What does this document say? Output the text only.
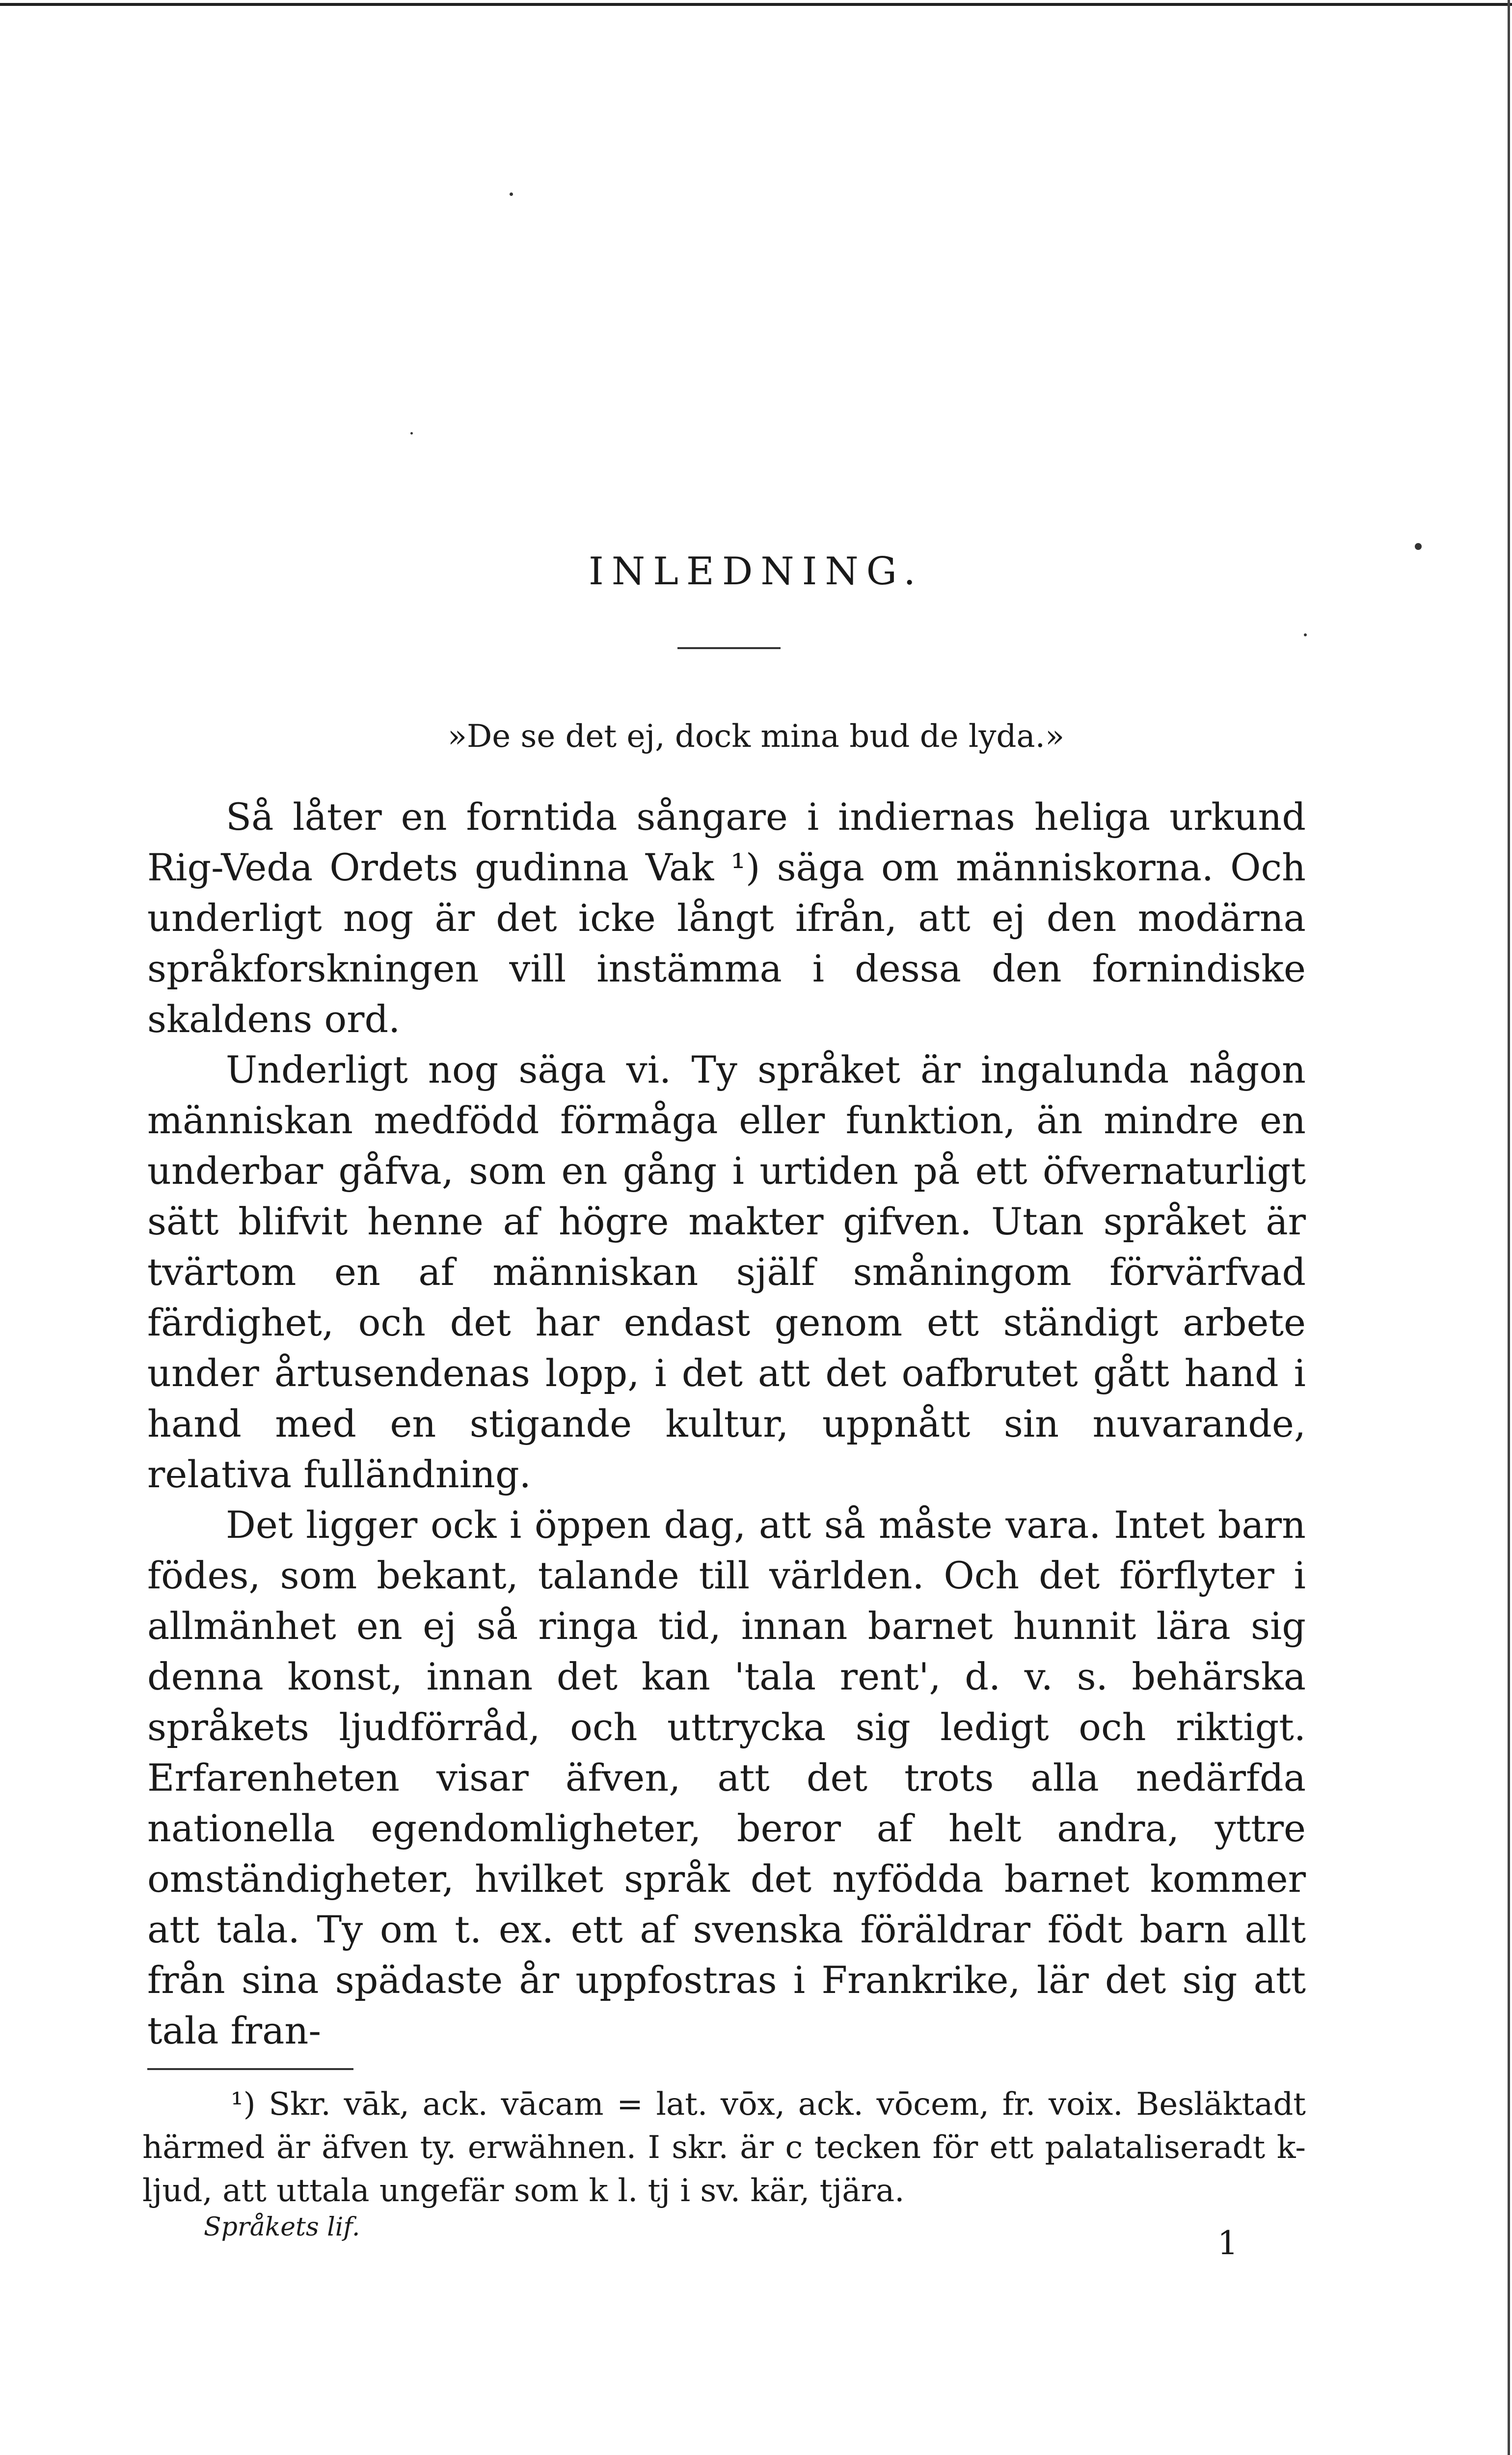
INLEDNING.
»De se det ej, dock mina bud de lyda.»

Så låter en forntida sångare i indiernas heliga urkund Rig-Veda Ordets gudinna Vak ¹) säga om människorna. Och underligt nog är det icke långt ifrån, att ej den modärna språkforskningen vill instämma i dessa den fornindiske skaldens ord.

Underligt nog säga vi. Ty språket är ingalunda någon människan medfödd förmåga eller funktion, än mindre en underbar gåfva, som en gång i urtiden på ett öfvernaturligt sätt blifvit henne af högre makter gifven. Utan språket är tvärtom en af människan själf småningom förvärfvad färdighet, och det har endast genom ett ständigt arbete under årtusendenas lopp, i det att det oafbrutet gått hand i hand med en stigande kultur, uppnått sin nuvarande, relativa fulländning.

Det ligger ock i öppen dag, att så måste vara. Intet barn födes, som bekant, talande till världen. Och det förflyter i allmänhet en ej så ringa tid, innan barnet hunnit lära sig denna konst, innan det kan 'tala rent', d. v. s. behärska språkets ljudförråd, och uttrycka sig ledigt och riktigt. Erfarenheten visar äfven, att det trots alla nedärfda nationella egendomligheter, beror af helt andra, yttre omständigheter, hvilket språk det nyfödda barnet kommer att tala. Ty om t. ex. ett af svenska föräldrar födt barn allt från sina spädaste år uppfostras i Frankrike, lär det sig att tala fran-

¹) Skr. vāk, ack. vācam = lat. vōx, ack. vōcem, fr. voix. Besläktadt härmed är äfven ty. erwähnen. I skr. är c tecken för ett palataliseradt k-ljud, att uttala ungefär som k l. tj i sv. kär, tjära.

Språkets lif.	1
